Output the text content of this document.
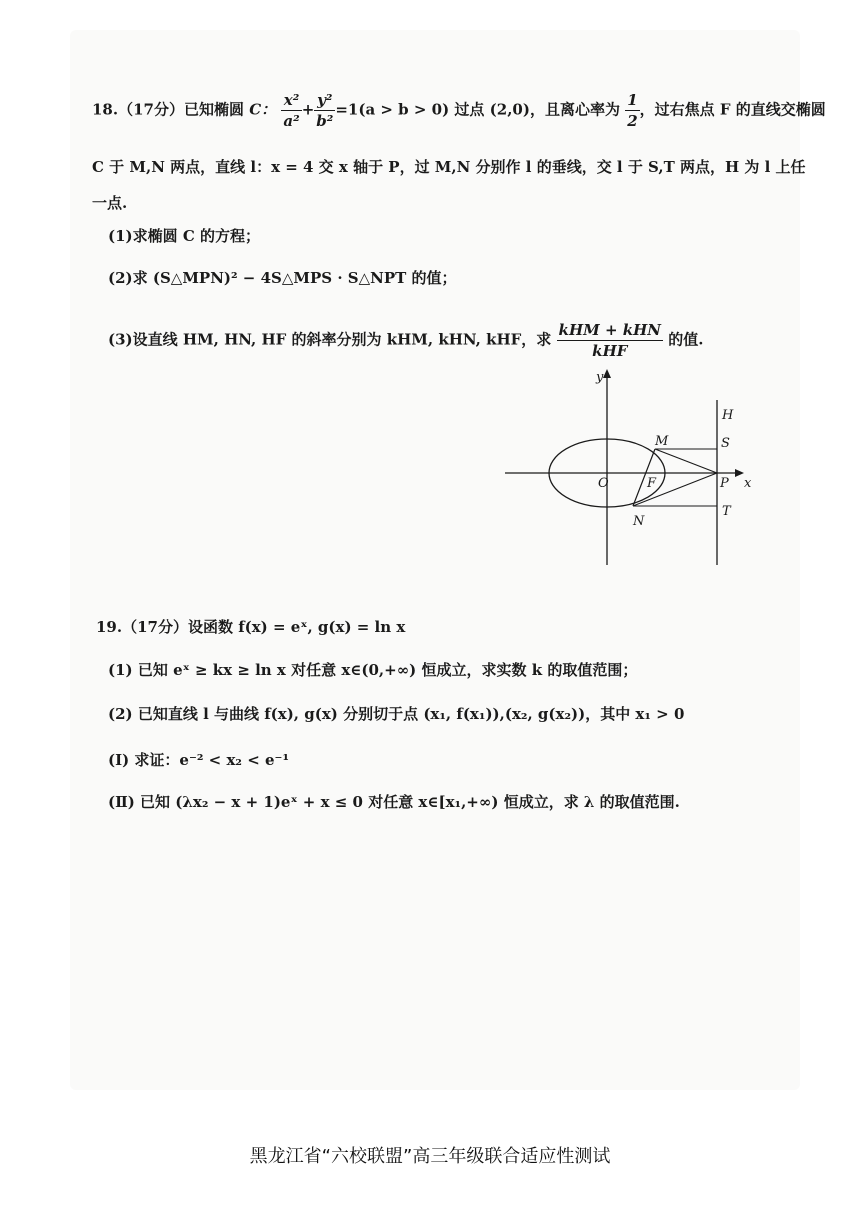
18.（17分）已知椭圆 C： $\frac{\text{x²}}{\text{a²}} + \frac{\text{y²}}{\text{b²}} =1(a > b > 0)$ 过点 (2,0)，且离心率为 $\frac{1}{2}$ ，过右焦点 F 的直线交椭圆
C 于 M,N 两点，直线 l：x = 4 交 x 轴于 P，过 M,N 分别作 l 的垂线，交 l 于 S,T 两点，H 为 l 上任
一点.
(1)求椭圆 C 的方程；
(2)求 (S△MPN)² − 4S△MPS · S△NPT 的值；
(3)设直线 HM, HN, HF 的斜率分别为 kHM, kHN, kHF，求 $\frac{\text{kHM + kHN}}{\text{kHF}}$ 的值.
y
x
O	F	P
M
N
S
T
H
19.（17分）设函数 f(x) = eˣ, g(x) = ln x
(1) 已知 eˣ ≥ kx ≥ ln x 对任意 x∈(0,+∞) 恒成立，求实数 k 的取值范围；
(2) 已知直线 l 与曲线 f(x), g(x) 分别切于点 (x₁, f(x₁)),(x₂, g(x₂))，其中 x₁ > 0
(Ⅰ) 求证：e⁻² < x₂ < e⁻¹
(Ⅱ) 已知 (λx₂ − x + 1)eˣ + x ≤ 0 对任意 x∈[x₁,+∞) 恒成立，求 λ 的取值范围.
黑龙江省“六校联盟”高三年级联合适应性测试
